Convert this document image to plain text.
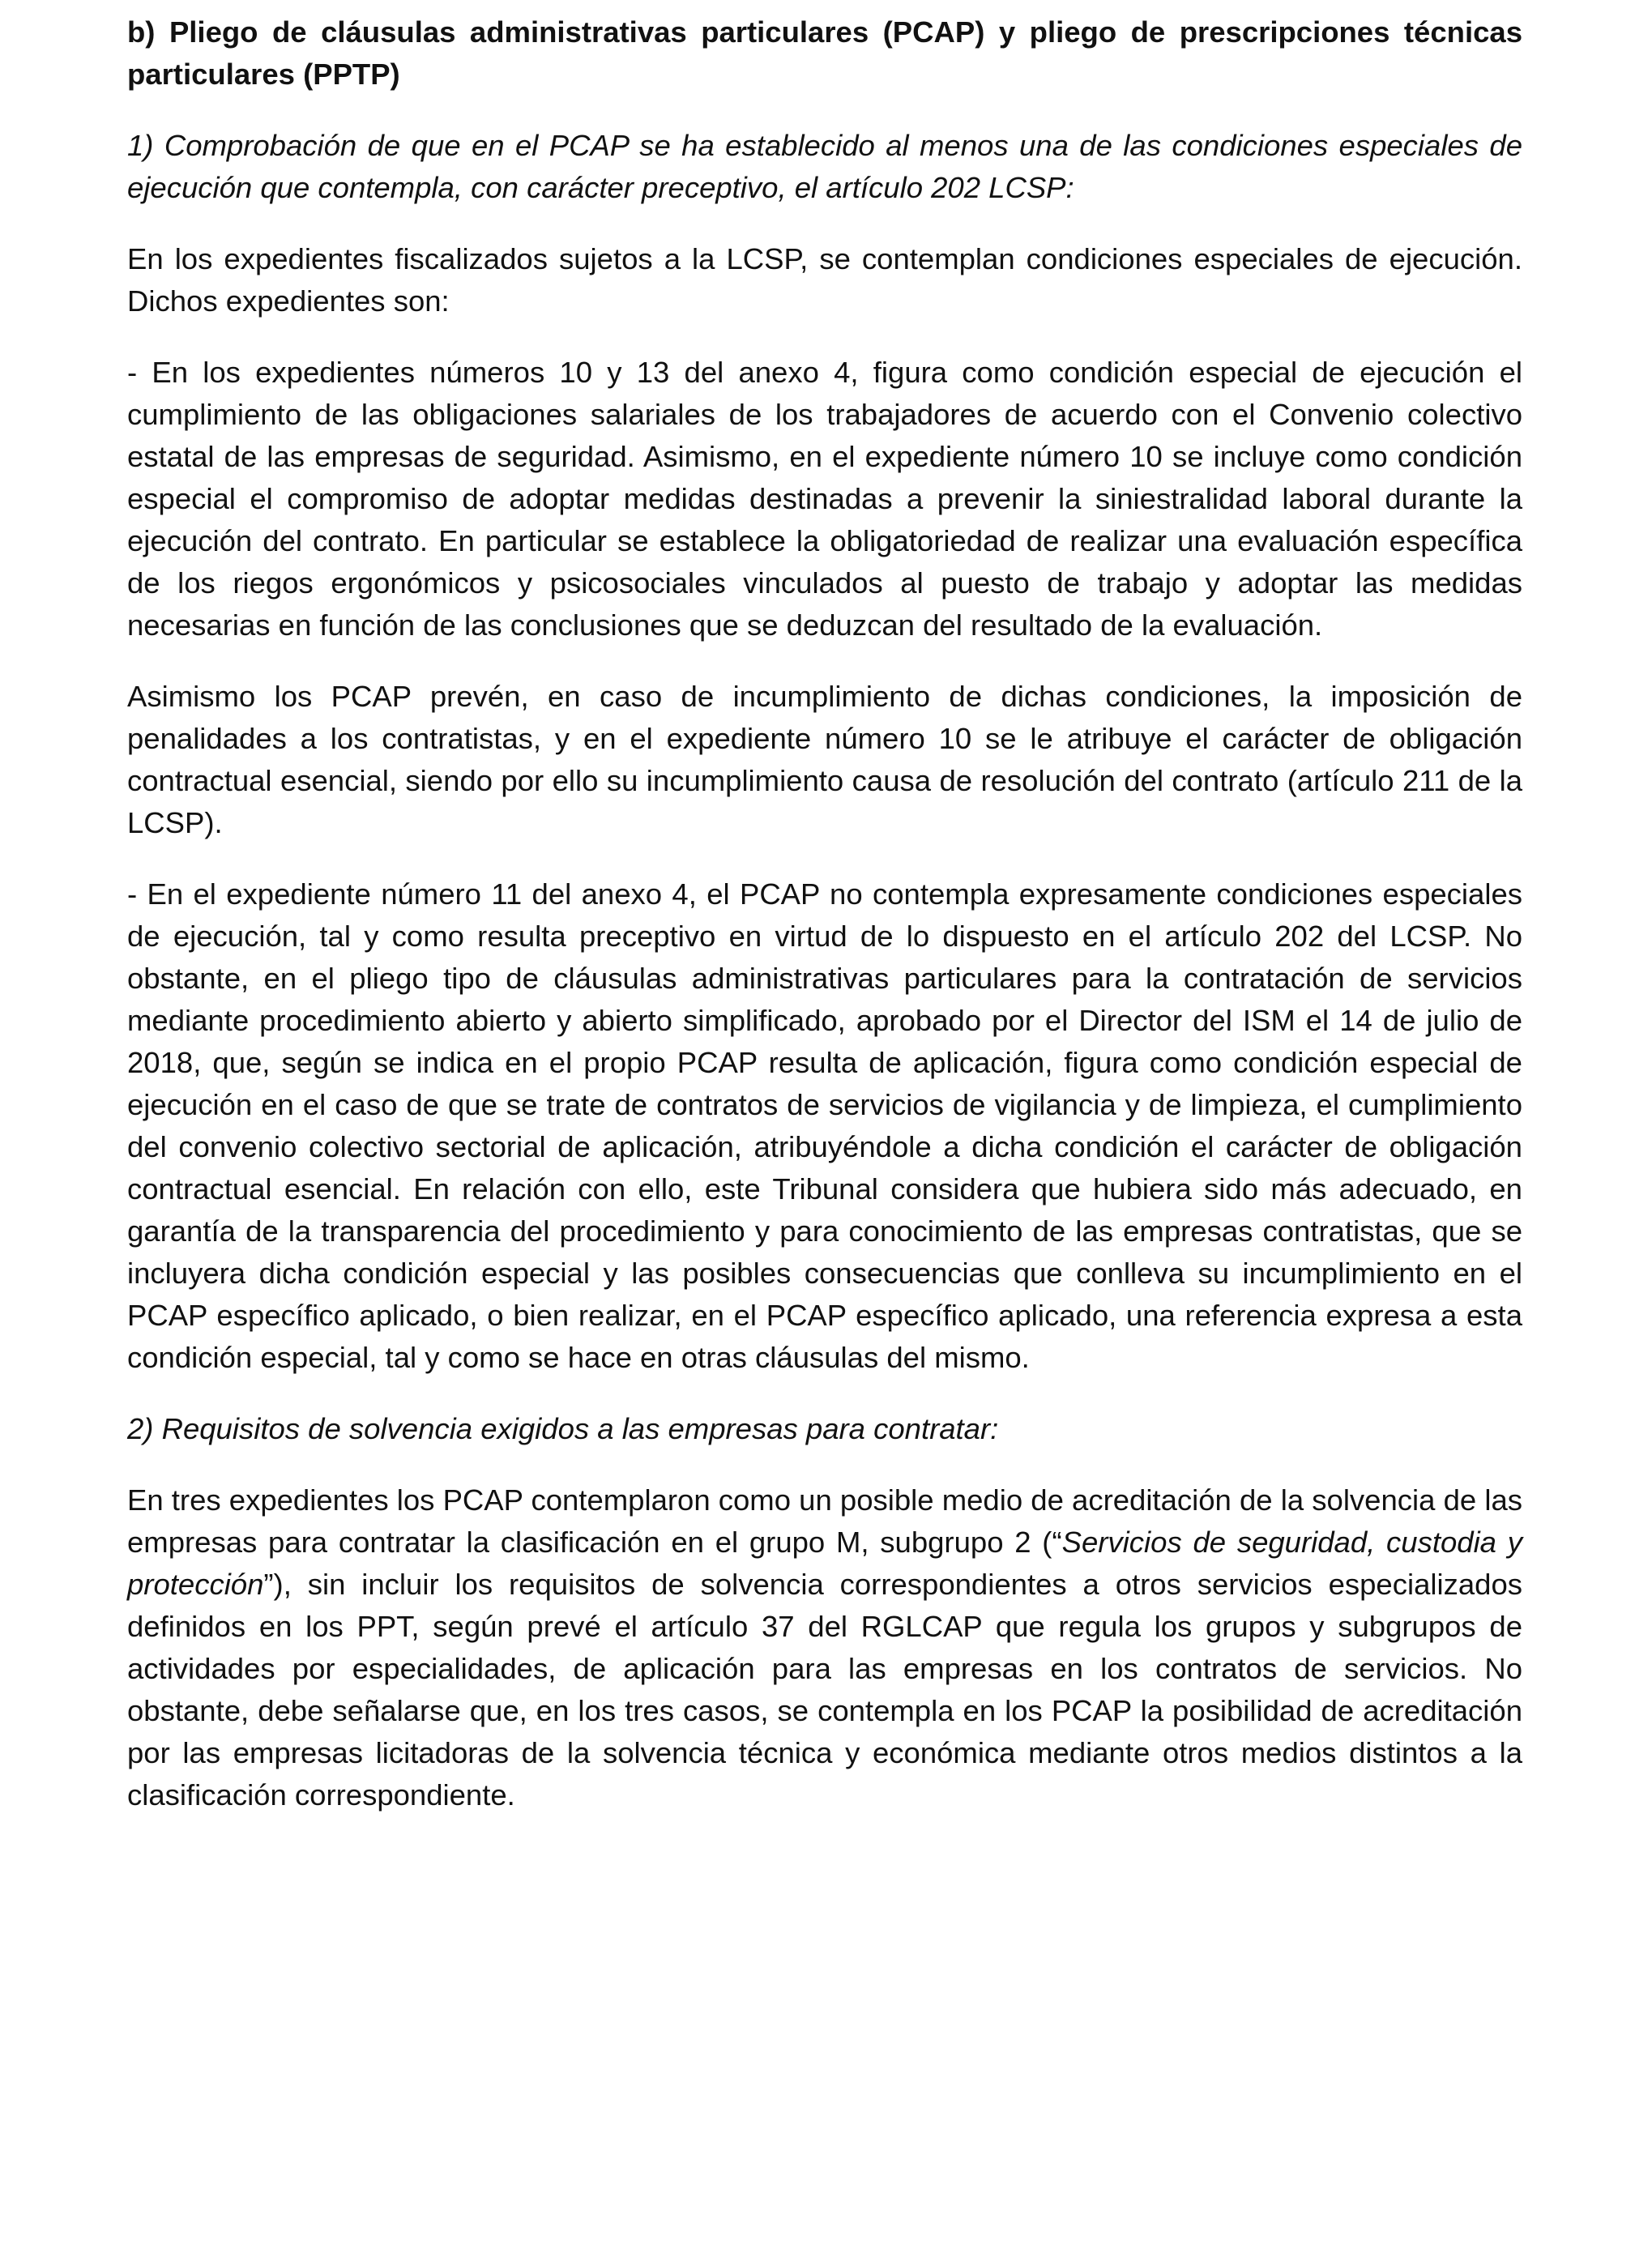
b) Pliego de cláusulas administrativas particulares (PCAP) y pliego de prescripciones técnicas particulares (PPTP)

1) Comprobación de que en el PCAP se ha establecido al menos una de las condiciones especiales de ejecución que contempla, con carácter preceptivo, el artículo 202 LCSP:

En los expedientes fiscalizados sujetos a la LCSP, se contemplan condiciones especiales de ejecución. Dichos expedientes son:

- En los expedientes números 10 y 13 del anexo 4, figura como condición especial de ejecución el cumplimiento de las obligaciones salariales de los trabajadores de acuerdo con el Convenio colectivo estatal de las empresas de seguridad. Asimismo, en el expediente número 10 se incluye como condición especial el compromiso de adoptar medidas destinadas a prevenir la siniestralidad laboral durante la ejecución del contrato. En particular se establece la obligatoriedad de realizar una evaluación específica de los riegos ergonómicos y psicosociales vinculados al puesto de trabajo y adoptar las medidas necesarias en función de las conclusiones que se deduzcan del resultado de la evaluación.

Asimismo los PCAP prevén, en caso de incumplimiento de dichas condiciones, la imposición de penalidades a los contratistas, y en el expediente número 10 se le atribuye el carácter de obligación contractual esencial, siendo por ello su incumplimiento causa de resolución del contrato (artículo 211 de la LCSP).

- En el expediente número 11 del anexo 4, el PCAP no contempla expresamente condiciones especiales de ejecución, tal y como resulta preceptivo en virtud de lo dispuesto en el artículo 202 del LCSP. No obstante, en el pliego tipo de cláusulas administrativas particulares para la contratación de servicios mediante procedimiento abierto y abierto simplificado, aprobado por el Director del ISM el 14 de julio de 2018, que, según se indica en el propio PCAP resulta de aplicación, figura como condición especial de ejecución en el caso de que se trate de contratos de servicios de vigilancia y de limpieza, el cumplimiento del convenio colectivo sectorial de aplicación, atribuyéndole a dicha condición el carácter de obligación contractual esencial. En relación con ello, este Tribunal considera que hubiera sido más adecuado, en garantía de la transparencia del procedimiento y para conocimiento de las empresas contratistas, que se incluyera dicha condición especial y las posibles consecuencias que conlleva su incumplimiento en el PCAP específico aplicado, o bien realizar, en el PCAP específico aplicado, una referencia expresa a esta condición especial, tal y como se hace en otras cláusulas del mismo.

2) Requisitos de solvencia exigidos a las empresas para contratar:

En tres expedientes los PCAP contemplaron como un posible medio de acreditación de la solvencia de las empresas para contratar la clasificación en el grupo M, subgrupo 2 (“Servicios de seguridad, custodia y protección”), sin incluir los requisitos de solvencia correspondientes a otros servicios especializados definidos en los PPT, según prevé el artículo 37 del RGLCAP que regula los grupos y subgrupos de actividades por especialidades, de aplicación para las empresas en los contratos de servicios. No obstante, debe señalarse que, en los tres casos, se contempla en los PCAP la posibilidad de acreditación por las empresas licitadoras de la solvencia técnica y económica mediante otros medios distintos a la clasificación correspondiente.
